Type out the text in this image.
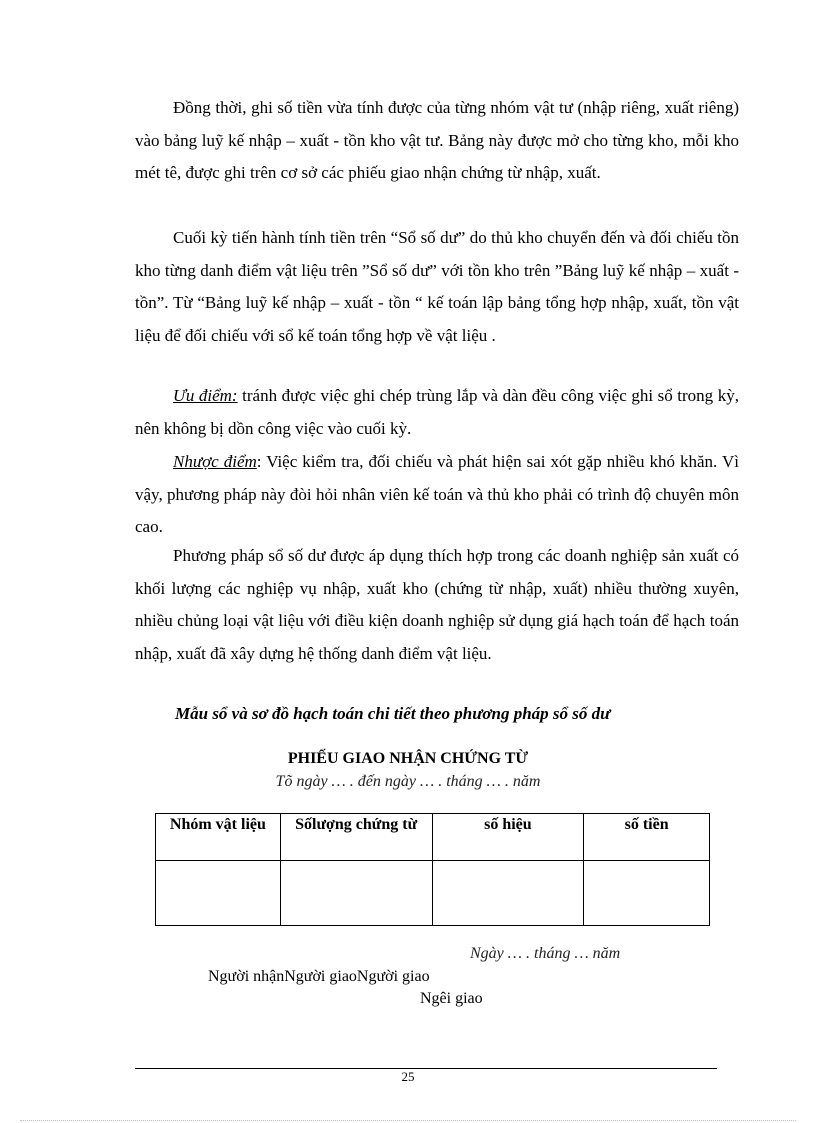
Đồng thời, ghi số tiền vừa tính được của từng nhóm vật tư (nhập riêng, xuất riêng) vào bảng luỹ kế nhập – xuất - tồn kho vật tư. Bảng này được mở cho từng kho, mỗi kho mét tê, được ghi trên cơ sở các phiếu giao nhận chứng từ nhập, xuất.

Cuối kỳ tiến hành tính tiền trên “Sổ số dư” do thủ kho chuyển đến và đối chiếu tồn kho từng danh điểm vật liệu trên ”Sổ số dư” với tồn kho trên ”Bảng luỹ kế nhập – xuất - tồn”. Từ “Bảng luỹ kế nhập – xuất - tồn “ kế toán lập bảng tổng hợp nhập, xuất, tồn vật liệu để đối chiếu với sổ kế toán tổng hợp về vật liệu .

Ưu điểm: tránh được việc ghi chép trùng lắp và dàn đều công việc ghi sổ trong kỳ, nên không bị dồn công việc vào cuối kỳ.

Nhược điểm: Việc kiểm tra, đối chiếu và phát hiện sai xót gặp nhiều khó khăn. Vì vậy, phương pháp này đòi hỏi nhân viên kế toán và thủ kho phải có trình độ chuyên môn cao.

Phương pháp sổ số dư được áp dụng thích hợp trong các doanh nghiệp sản xuất có khối lượng các nghiệp vụ nhập, xuất kho (chứng từ nhập, xuất) nhiều thường xuyên, nhiều chủng loại vật liệu với điều kiện doanh nghiệp sử dụng giá hạch toán để hạch toán nhập, xuất đã xây dựng hệ thống danh điểm vật liệu.

Mẫu sổ và sơ đồ hạch toán chi tiết theo phương pháp sổ số dư
PHIẾU GIAO NHẬN CHỨNG TỪ
Tõ ngày … . đến ngày … . tháng … . năm
Nhóm vật liệu	Sốlượng chứng từ	số hiệu	số tiền

Ngày … . tháng … năm
Người nhậnNgười giaoNgười giao
Ngêi giao
25
